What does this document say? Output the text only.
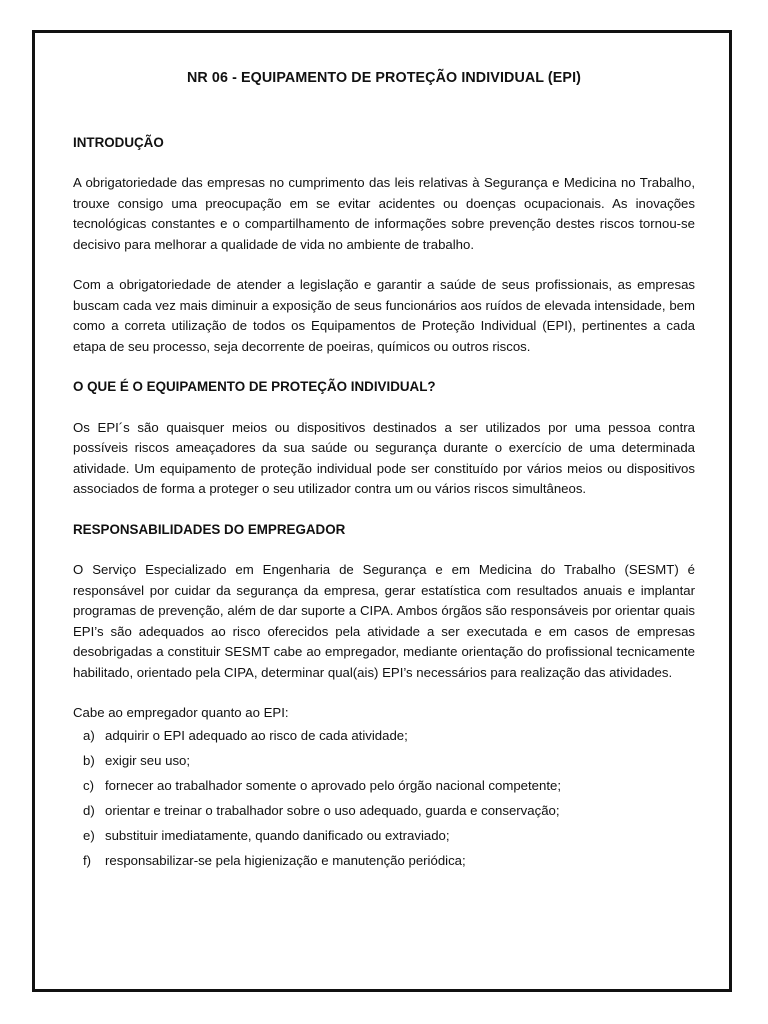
NR 06 - EQUIPAMENTO DE PROTEÇÃO INDIVIDUAL (EPI)
INTRODUÇÃO
A obrigatoriedade das empresas no cumprimento das leis relativas à Segurança e Medicina no Trabalho, trouxe consigo uma preocupação em se evitar acidentes ou doenças ocupacionais. As inovações tecnológicas constantes e o compartilhamento de informações sobre prevenção destes riscos tornou-se decisivo para melhorar a qualidade de vida no ambiente de trabalho.
Com a obrigatoriedade de atender a legislação e garantir a saúde de seus profissionais, as empresas buscam cada vez mais diminuir a exposição de seus funcionários aos ruídos de elevada intensidade, bem como a correta utilização de todos os Equipamentos de Proteção Individual (EPI), pertinentes a cada etapa de seu processo, seja decorrente de poeiras, químicos ou outros riscos.
O QUE É O EQUIPAMENTO DE PROTEÇÃO INDIVIDUAL?
Os EPI´s são quaisquer meios ou dispositivos destinados a ser utilizados por uma pessoa contra possíveis riscos ameaçadores da sua saúde ou segurança durante o exercício de uma determinada atividade. Um equipamento de proteção individual pode ser constituído por vários meios ou dispositivos associados de forma a proteger o seu utilizador contra um ou vários riscos simultâneos.
RESPONSABILIDADES DO EMPREGADOR
O Serviço Especializado em Engenharia de Segurança e em Medicina do Trabalho (SESMT) é responsável por cuidar da segurança da empresa, gerar estatística com resultados anuais e implantar programas de prevenção, além de dar suporte a CIPA. Ambos órgãos são responsáveis por orientar quais EPI’s são adequados ao risco oferecidos pela atividade a ser executada e em casos de empresas desobrigadas a constituir SESMT cabe ao empregador, mediante orientação do profissional tecnicamente habilitado, orientado pela CIPA, determinar qual(ais) EPI’s necessários para realização das atividades.
Cabe ao empregador quanto ao EPI:
a) adquirir o EPI adequado ao risco de cada atividade;
b) exigir seu uso;
c) fornecer ao trabalhador somente o aprovado pelo órgão nacional competente;
d) orientar e treinar o trabalhador sobre o uso adequado, guarda e conservação;
e) substituir imediatamente, quando danificado ou extraviado;
f)	responsabilizar-se pela higienização e manutenção periódica;
